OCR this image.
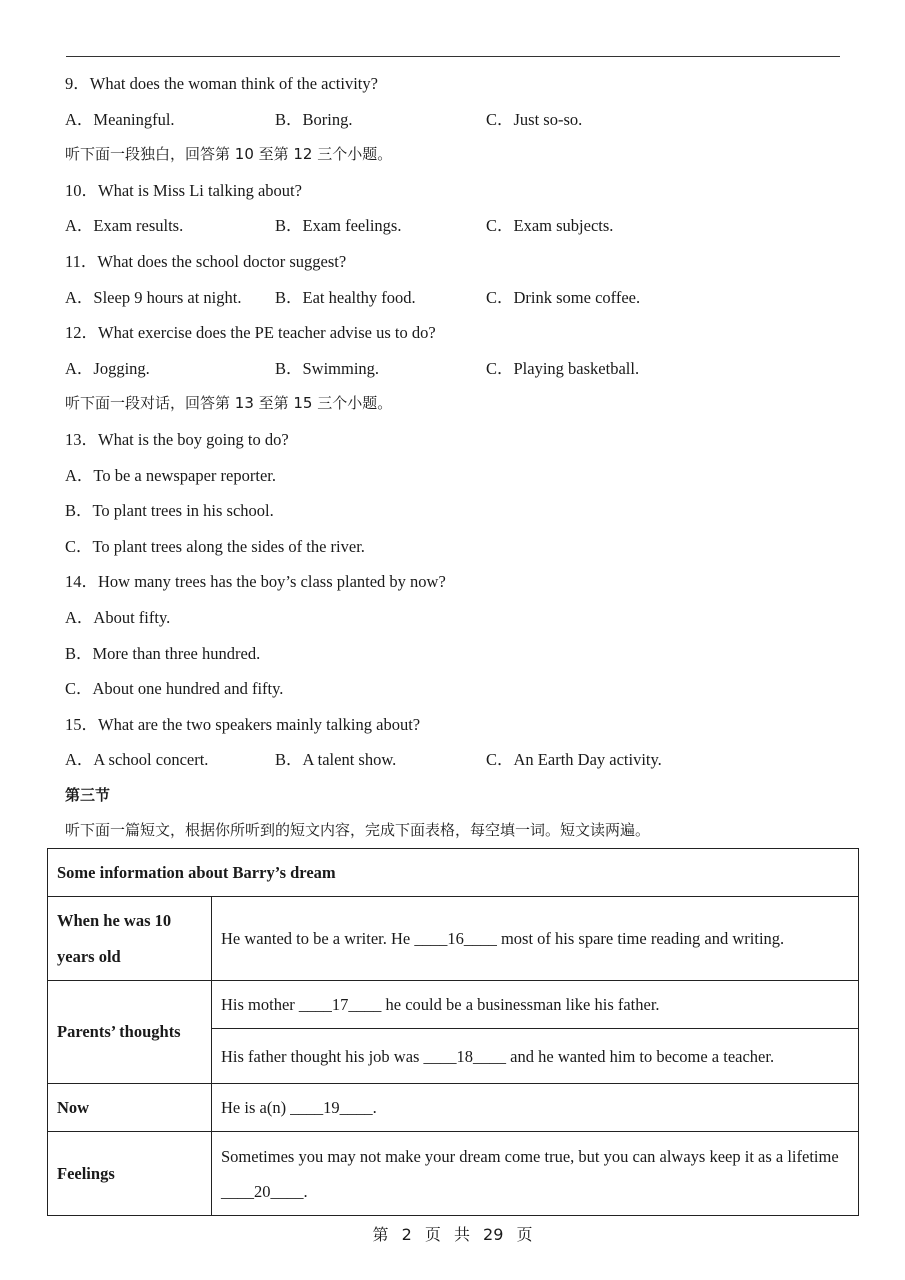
9．What does the woman think of the activity?
A．Meaningful.	B．Boring.	C．Just so-so.
听下面一段独白，回答第 10 至第 12 三个小题。
10．What is Miss Li talking about?
A．Exam results.	B．Exam feelings.	C．Exam subjects.
11．What does the school doctor suggest?
A．Sleep 9 hours at night. B．Eat healthy food.	C．Drink some coffee.
12．What exercise does the PE teacher advise us to do?
A．Jogging.	B．Swimming.	C．Playing basketball.
听下面一段对话，回答第 13 至第 15 三个小题。
13．What is the boy going to do?
A．To be a newspaper reporter.
B．To plant trees in his school.
C．To plant trees along the sides of the river.
14．How many trees has the boy’s class planted by now?
A．About fifty.
B．More than three hundred.
C．About one hundred and fifty.
15．What are the two speakers mainly talking about?
A．A school concert.	B．A talent show.	C．An Earth Day activity.
第三节
听下面一篇短文，根据你所听到的短文内容，完成下面表格，每空填一词。短文读两遍。
Some information about Barry’s dream	
When he was 10 years old	He wanted to be a writer. He ____16____ most of his spare time reading and writing.
Parents’ thoughts	His mother ____17____ he could be a businessman like his father.
	His father thought his job was ____18____ and he wanted him to become a teacher.
Now	He is a(n) ____19____.
Feelings	Sometimes you may not make your dream come true, but you can always keep it as a lifetime ____20____.
第 2 页 共 29 页
